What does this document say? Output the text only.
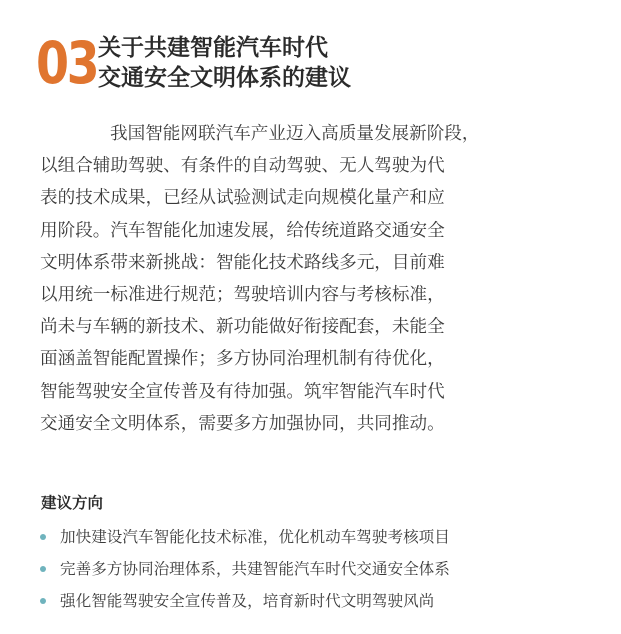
03 关于共建智能汽车时代
交通安全文明体系的建议
我国智能网联汽车产业迈入高质量发展新阶段，
以组合辅助驾驶、有条件的自动驾驶、无人驾驶为代
表的技术成果，已经从试验测试走向规模化量产和应
用阶段。汽车智能化加速发展，给传统道路交通安全
文明体系带来新挑战：智能化技术路线多元，目前难
以用统一标准进行规范；驾驶培训内容与考核标准，
尚未与车辆的新技术、新功能做好衔接配套，未能全
面涵盖智能配置操作；多方协同治理机制有待优化，
智能驾驶安全宣传普及有待加强。筑牢智能汽车时代
交通安全文明体系，需要多方加强协同，共同推动。
建议方向
加快建设汽车智能化技术标准，优化机动车驾驶考核项目
完善多方协同治理体系，共建智能汽车时代交通安全体系
强化智能驾驶安全宣传普及，培育新时代文明驾驶风尚
